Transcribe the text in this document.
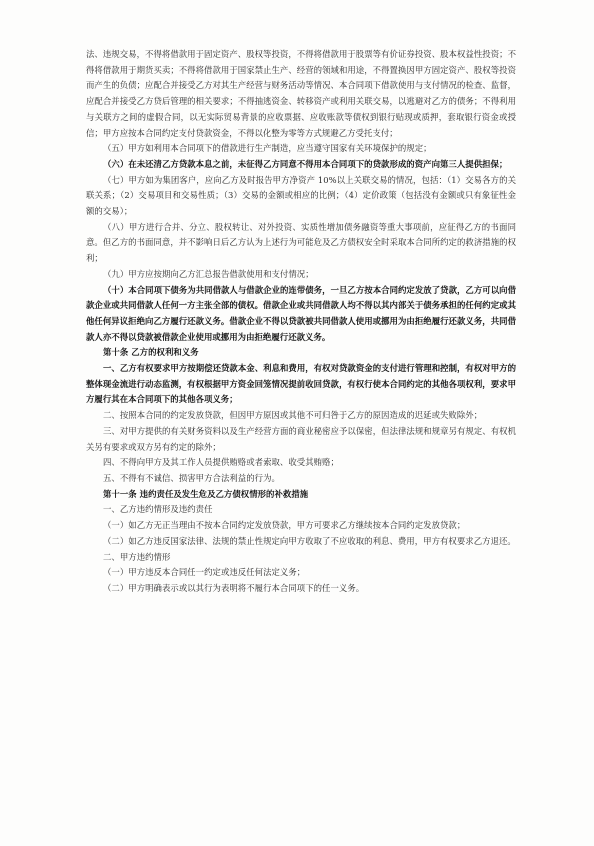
法、违规交易，不得将借款用于固定资产、股权等投资，不得将借款用于股票等有价证券投资、股本权益性投资；不得将借款用于期货买卖；不得将借款用于国家禁止生产、经营的领域和用途，不得置换因甲方固定资产、股权等投资而产生的负债；应配合并接受乙方对其生产经营与财务活动等情况、本合同项下借款使用与支付情况的检查、监督，应配合并接受乙方贷后管理的相关要求；不得抽逃资金、转移资产或利用关联交易，以逃避对乙方的债务；不得利用与关联方之间的虚假合同，以无实际贸易背景的应收票据、应收账款等债权到银行贴现或质押，套取银行资金或授信；甲方应按本合同约定支付贷款资金，不得以化整为零等方式规避乙方受托支付；

（五）甲方如利用本合同项下的借款进行生产制造，应当遵守国家有关环境保护的规定；

（六）在未还清乙方贷款本息之前，未征得乙方同意不得用本合同项下的贷款形成的资产向第三人提供担保；

（七）甲方如为集团客户，应向乙方及时报告甲方净资产 10%以上关联交易的情况，包括：（1）交易各方的关联关系；（2）交易项目和交易性质；（3）交易的金额或相应的比例；（4）定价政策（包括没有金额或只有象征性金额的交易）；

（八）甲方进行合并、分立、股权转让、对外投资、实质性增加债务融资等重大事项前，应征得乙方的书面同意。但乙方的书面同意，并不影响日后乙方认为上述行为可能危及乙方债权安全时采取本合同所约定的救济措施的权利；

（九）甲方应按期向乙方汇总报告借款使用和支付情况；

（十）本合同项下债务为共同借款人与借款企业的连带债务，一旦乙方按本合同约定发放了贷款，乙方可以向借款企业或共同借款人任何一方主张全部的债权。借款企业或共同借款人均不得以其内部关于债务承担的任何约定或其他任何异议拒绝向乙方履行还款义务。借款企业不得以贷款被共同借款人使用或挪用为由拒绝履行还款义务，共同借款人亦不得以贷款被借款企业使用或挪用为由拒绝履行还款义务。

第十条 乙方的权利和义务

一、乙方有权要求甲方按期偿还贷款本金、利息和费用，有权对贷款资金的支付进行管理和控制，有权对甲方的整体现金流进行动态监测，有权根据甲方资金回笼情况提前收回贷款，有权行使本合同约定的其他各项权利，要求甲方履行其在本合同项下的其他各项义务；

二、按照本合同的约定发放贷款，但因甲方原因或其他不可归咎于乙方的原因造成的迟延或失败除外；

三、对甲方提供的有关财务资料以及生产经营方面的商业秘密应予以保密，但法律法规和规章另有规定、有权机关另有要求或双方另有约定的除外；

四、不得向甲方及其工作人员提供贿赂或者索取、收受其贿赂；

五、不得有不诚信、损害甲方合法利益的行为。

第十一条 违约责任及发生危及乙方债权情形的补救措施

一、乙方违约情形及违约责任

（一）如乙方无正当理由不按本合同约定发放贷款，甲方可要求乙方继续按本合同约定发放贷款；

（二）如乙方违反国家法律、法规的禁止性规定向甲方收取了不应收取的利息、费用，甲方有权要求乙方退还。

二、甲方违约情形

（一）甲方违反本合同任一约定或违反任何法定义务；

（二）甲方明确表示或以其行为表明将不履行本合同项下的任一义务。
